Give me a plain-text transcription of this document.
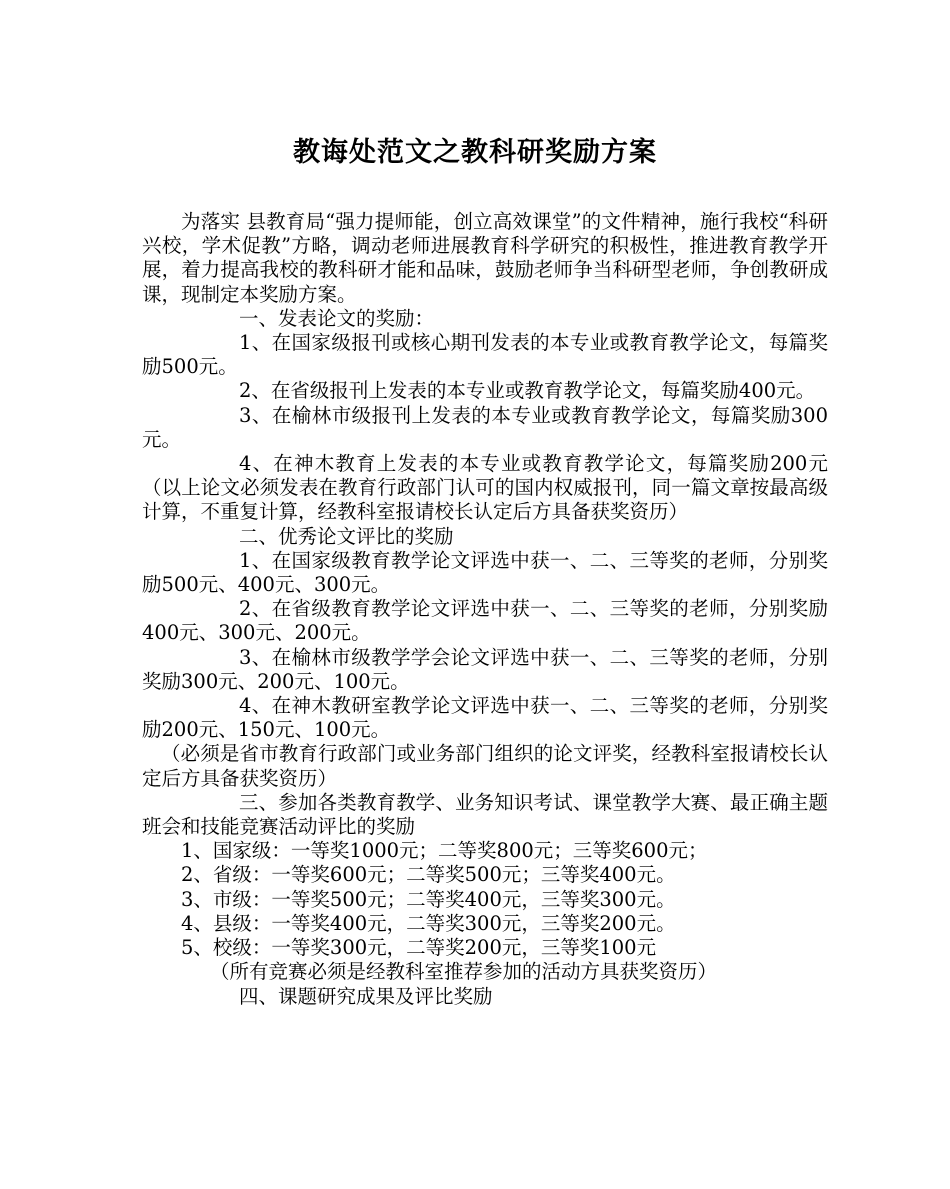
教诲处范文之教科研奖励方案

为落实 县教育局“强力提师能，创立高效课堂”的文件精神，施行我校“科研兴校，学术促教”方略，调动老师进展教育科学研究的积极性，推进教育教学开展，着力提高我校的教科研才能和品味，鼓励老师争当科研型老师，争创教研成课，现制定本奖励方案。

一、发表论文的奖励：

1、在国家级报刊或核心期刊发表的本专业或教育教学论文，每篇奖励500元。

2、在省级报刊上发表的本专业或教育教学论文，每篇奖励400元。

3、在榆林市级报刊上发表的本专业或教育教学论文，每篇奖励300元。

4、在神木教育上发表的本专业或教育教学论文，每篇奖励200元（以上论文必须发表在教育行政部门认可的国内权威报刊，同一篇文章按最高级计算，不重复计算，经教科室报请校长认定后方具备获奖资历）

二、优秀论文评比的奖励

1、在国家级教育教学论文评选中获一、二、三等奖的老师，分别奖励500元、400元、300元。

2、在省级教育教学论文评选中获一、二、三等奖的老师，分别奖励400元、300元、200元。

3、在榆林市级教学学会论文评选中获一、二、三等奖的老师，分别奖励300元、200元、100元。

4、在神木教研室教学论文评选中获一、二、三等奖的老师，分别奖励200元、150元、100元。

（必须是省市教育行政部门或业务部门组织的论文评奖，经教科室报请校长认定后方具备获奖资历）

三、参加各类教育教学、业务知识考试、课堂教学大赛、最正确主题班会和技能竞赛活动评比的奖励

1、国家级：一等奖1000元；二等奖800元；三等奖600元；

2、省级：一等奖600元；二等奖500元；三等奖400元。

3、市级：一等奖500元；二等奖400元，三等奖300元。

4、县级：一等奖400元，二等奖300元，三等奖200元。

5、校级：一等奖300元，二等奖200元，三等奖100元

（所有竞赛必须是经教科室推荐参加的活动方具获奖资历）

四、课题研究成果及评比奖励
